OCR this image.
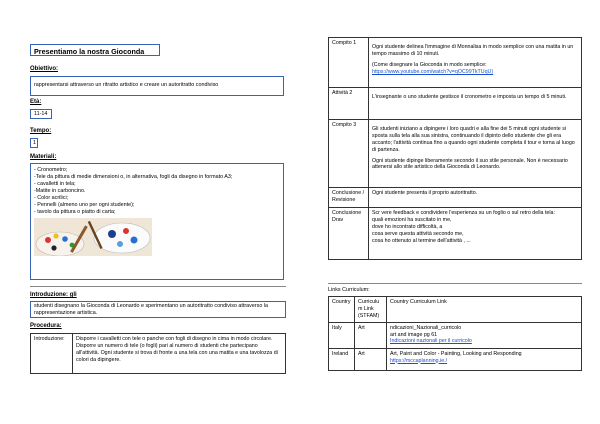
Presentiamo la nostra Gioconda
Obiettivo:
rappresentarsi attraverso un ritratto artistico e creare un autoritratto condiviso
Età:
11-14
Tempo:
1
Materiali:
- Cronometro;
-Tele da pittura di medie dimensioni o, in alternativa, fogli da disegno in formato A3;
- cavalletti in tela;
-Matite in carboncino.
- Color acrilici;
- Pennelli (almeno uno per ogni studente);
- tavolo da pittura o piatto di carta;
Introduzione: gli
studenti disegnano la Gioconda di Leonardo e sperimentano un autoritratto condiviso attraverso la rappresentazione artistica.
Procedura:
Introduzione:	Disporre i cavalletti con tele o panche con fogli di disegno in cima in modo circolare. Disporre un numero di tele (o fogli) pari al numero di studenti che partecipano all'attività. Ogni studente si trova di fronte a una tela con una matita e una tavolozza di colori da dipingere.
Compito 1	Ogni studente delinea l'immagine di Monnalisa in modo semplice con una matita in un tempo massimo di 10 minuti.
(Come disegnare la Gioconda in modo semplice:
https://www.youtube.com/watch?v=qOC99TkTUqU)
Attività 2	L'insegnante o uno studente gestisce il cronometro e imposta un tempo di 5 minuti.
Compito 3	Gli studenti iniziano a dipingere i loro quadri e alla fine dei 5 minuti ogni studente si sposta sulla tela alla sua sinistra, continuando il dipinto dello studente che gli era accanto; l'attività continua fino a quando ogni studente completa il tour e torna al luogo di partenza.
Ogni studente dipinge liberamente secondo il suo stile personale. Non è necessario attenersi allo stile artistico della Gioconda di Leonardo.

Conclusione / Revisione	Ogni studente presenta il proprio autoritratto.
Conclusione Drav	Scr vere feedback e condividere l'esperienza su un foglio o sul retro della tela:
quali emozioni ha suscitato in me,
dove ho incontrato difficoltà, a
cosa serve questa attività secondo me,
cosa ho ottenuto al termine dell'attività , ...
Links Curriculum:
Country	Curriculu m Link (STFAM)	Country Curriculum Link
Italy	Art	ndicazioni_Nazionali_curricolo
art and image pg 61
Indicazioni nazionali per il curricolo
Ireland	Art	Art, Paint and Color - Painting, Looking and Responding
https://mccaplanning.ie./
